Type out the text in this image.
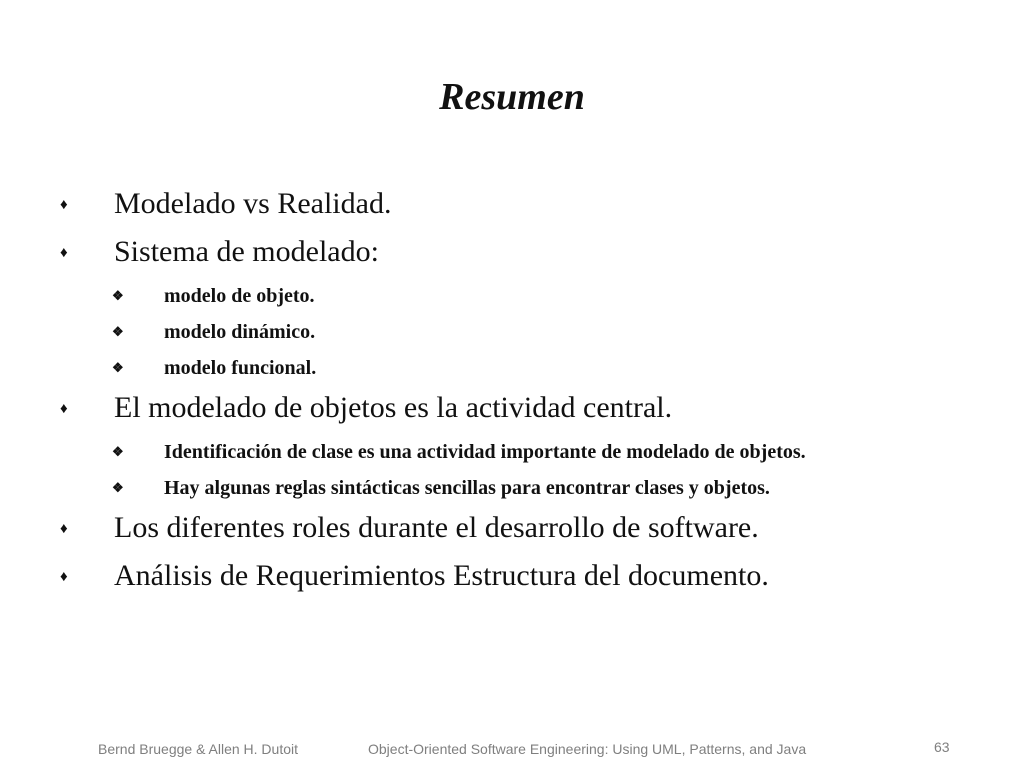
Resumen
♦ Modelado vs Realidad.
♦ Sistema de modelado:
❖ modelo de objeto.
❖ modelo dinámico.
❖ modelo funcional.
♦ El modelado de objetos es la actividad central.
❖ Identificación de clase es una actividad importante de modelado de objetos.
❖ Hay algunas reglas sintácticas sencillas para encontrar clases y objetos.
♦ Los diferentes roles durante el desarrollo de software.
♦ Análisis de Requerimientos Estructura del documento.
Bernd Bruegge & Allen H. Dutoit	Object-Oriented Software Engineering: Using UML, Patterns, and Java	63
